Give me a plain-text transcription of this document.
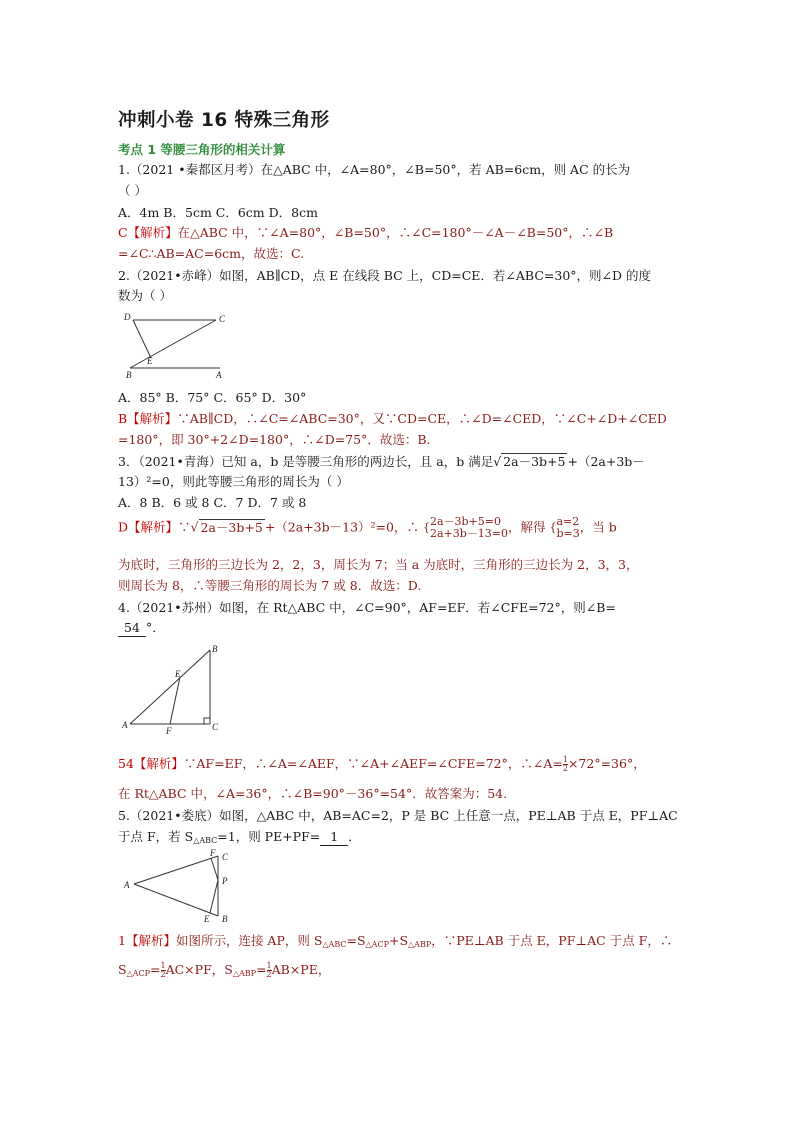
冲刺小卷 16 特殊三角形
考点 1 等腰三角形的相关计算
1.（2021 •秦都区月考）在△ABC 中，∠A=80°，∠B=50°，若 AB=6cm，则 AC 的长为
（ ）
A．4m B．5cm C．6cm D．8cm
C【解析】在△ABC 中，∵∠A=80°，∠B=50°，∴∠C=180°－∠A－∠B=50°，∴∠B
=∠C∴AB=AC=6cm，故选：C.
2.（2021•赤峰）如图，AB∥CD，点 E 在线段 BC 上，CD=CE．若∠ABC=30°，则∠D 的度
数为（ ）
D	C
E
B	A
A．85° B．75° C．65° D．30°
B【解析】∵AB∥CD，∴∠C=∠ABC=30°，又∵CD=CE，∴∠D=∠CED，∵∠C+∠D+∠CED
=180°，即 30°+2∠D=180°，∴∠D=75°．故选：B.
3．（2021•青海）已知 a，b 是等腰三角形的两边长，且 a，b 满足√ 2a－3b+5 +（2a+3b－
13）²=0，则此等腰三角形的周长为（ ）
A．8 B．6 或 8 C．7 D．7 或 8
D【解析】∵√ 2a－3b+5 +（2a+3b－13）²=0，∴ { 2a－3b+5=0
2a+3b－13=0 ，解得 { a=2
b=3 ，当 b
为底时，三角形的三边长为 2，2，3，周长为 7；当 a 为底时，三角形的三边长为 2，3，3，
则周长为 8，∴等腰三角形的周长为 7 或 8．故选：D.
4.（2021•苏州）如图，在 Rt△ABC 中，∠C=90°，AF=EF．若∠CFE=72°，则∠B=
54 °．
B
E
A
F	C
54【解析】∵AF=EF，∴∠A=∠AEF，∵∠A+∠AEF=∠CFE=72°，∴∠A= $\frac{1}{2} \times 72^\circ=36^\circ$，
在 Rt△ABC 中，∠A=36°，∴∠B=90°－36°=54°．故答案为：54.
5.（2021•娄底）如图，△ABC 中，AB=AC=2，P 是 BC 上任意一点，PE⊥AB 于点 E，PF⊥AC
于点 F，若 $S_{\triangle ABC}=1$，则 PE+PF= 1 ．
F C
P
A
E B
1【解析】如图所示，连接 AP，则 $S_{\triangle ABC}=S_{\triangle ACP}+S_{\triangle ABP}$，∵PE⊥AB 于点 E，PF⊥AC 于点 F，∴
$S_{\triangle ACP}= \frac{1}{2} AC\times PF$，$S_{\triangle ABP}= \frac{1}{2} AB\times PE$，
